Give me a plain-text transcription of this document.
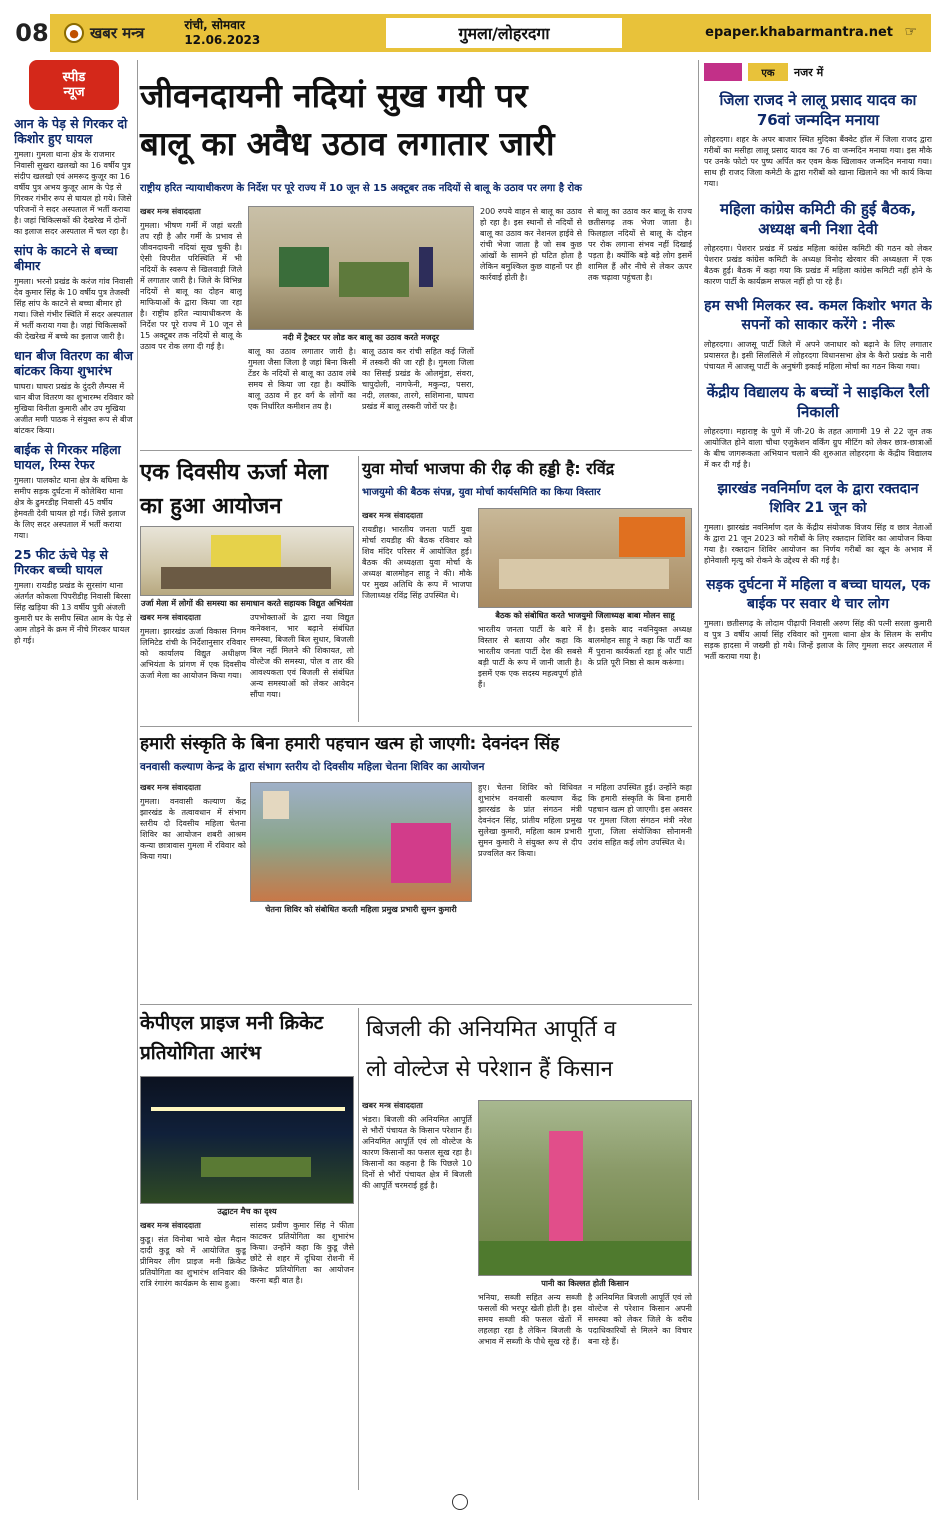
08	● खबर मन्त्र	रांची, सोमवार
12.06.2023	गुमला/लोहरदगा	epaper.khabarmantra.net ☞
स्पीड
न्यूज
आन के पेड़ से गिरकर दो किशोर हुए घायल
गुमला। गुमला थाना क्षेत्र के राजमार निवासी सुखरा खलखो का 16 वर्षीय पुत्र संदीप खलखो एवं अमरूद कुजूर का 16 वर्षीय पुत्र अभय कुजूर आम के पेड़ से गिरकर गंभीर रूप से घायल हो गये। जिसे परिजनों ने सदर अस्पताल में भर्ती कराया है। जहां चिकित्सकों की देखरेख में दोनों का इलाज सदर अस्पताल में चल रहा है।
सांप के काटने से बच्चा बीमार
गुमला। भरनो प्रखंड के करंज गांव निवासी देव कुमार सिंह के 10 वर्षीय पुत्र तेजस्वी सिंह सांप के काटने से बच्चा बीमार हो गया। जिसे गंभीर स्थिति में सदर अस्पताल में भर्ती कराया गया है। जहां चिकित्सकों की देखरेख में बच्चे का इलाज जारी है।
धान बीज वितरण का बीज बांटकर किया शुभारंभ
घाघरा। घाघरा प्रखंड के दुंदरी लैम्पस में धान बीज वितरण का शुभारम्भ रविवार को मुखिया विनीता कुमारी और उप मुखिया अजीत मणी पाठक ने संयुक्त रूप से बीज बांटकर किया।
बाईक से गिरकर महिला घायल, रिम्स रेफर
गुमला। पालकोट थाना क्षेत्र के बघिमा के समीप सड़क दुर्घटना में कोलेबिरा थाना क्षेत्र के ढुमरडीह निवासी 45 वर्षीय हेमवती देवी घायल हो गई। जिसे इलाज के लिए सदर अस्पताल में भर्ती कराया गया।
25 फीट ऊंचे पेड़ से गिरकर बच्ची घायल
गुमला। रायडीह प्रखंड के सुरसांग थाना अंतर्गत कोकला पिपरीडीह निवासी बिरसा सिंह खड़िया की 13 वर्षीय पुत्री अंजली कुमारी घर के समीप स्थित आम के पेड़ से आम तोड़ने के क्रम में नीचे गिरकर घायल हो गई।
जीवनदायनी नदियां सुख गयी पर
बालू का अवैध उठाव लगातार जारी
राष्ट्रीय हरित न्यायाधीकरण के निर्देश पर पूरे राज्य में 10 जून से 15 अक्टूबर तक नदियों से बालू के उठाव पर लगा है रोक
खबर मन्त्र संवाददाता
गुमला। भीषण गर्मी में जहां धरती तप रही है और गर्मी के प्रभाव से जीवनदायनी नदियां सूख चुकी है। ऐसी विपरीत परिस्थिति में भी नदियों के स्वरूप से खिलवाड़ी जिले में लगातार जारी है। जिले के विभिन्न नदियों से बालू का दोहन बालू माफियाओं के द्वारा किया जा रहा है। राष्ट्रीय हरित न्यायाधीकरण के निर्देश पर पूरे राज्य में 10 जून से 15 अक्टूबर तक नदियों से बालू के उठाव पर रोक लगा दी गई है।
नदी में ट्रैक्टर पर लोड कर बालू का उठाव करते मजदूर
बालू का उठाव लगातार जारी है। गुमला जैसा जिला है जहां बिना किसी टेंडर के नदियों से बालू का उठाव लंबे समय से किया जा रहा है। क्योंकि बालू उठाव में हर वर्ग के लोगों का एक निर्धारित कमीशन तय है।
बालू उठाव कर रांची सहित कई जिलों में तस्करी की जा रही है। गुमला जिला का सिसई प्रखंड के ओलमुंडा, संवरा, चापुदोली, नागफेनी, मकुन्दा, पसरा, नदी, ललका, तारगे, सशिमाना, घाघरा प्रखंड में बालू तस्करी जोरों पर है।
200 रुपये वाहन से बालू का उठाव हो रहा है। इस स्थानों से नदियों से बालू का उठाव कर नेशनल हाईवे से रांची भेजा जाता है जो सब कुछ आंखों के सामने हो घटित होता है लेकिन बमुश्किल कुछ वाहनों पर ही कार्रवाई होती है।
से बालू का उठाव कर बालू के राज्य छतीसगढ़ तक भेजा जाता है। फिलहाल नदियों से बालू के दोहन पर रोक लगाना संभव नहीं दिखाई पड़ता है। क्योंकि बड़े बड़े लोग इसमें शामिल हैं और नीचे से लेकर ऊपर तक चढ़ावा पहुंचता है।
एक दिवसीय ऊर्जा मेला का हुआ आयोजन
उर्जा मेला में लोगों की समस्या का समाधान करते सहायक विद्युत अभियंता
खबर मन्त्र संवाददाता
गुमला। झारखंड ऊर्जा विकास निगम लिमिटेड रांची के निर्देशानुसार रविवार को कार्यालय विद्युत अधीक्षण अभियंता के प्रांगण में एक दिवसीय ऊर्जा मेला का आयोजन किया गया।
उपभोक्ताओं के द्वारा नया विद्युत कनेक्शन, भार बढ़ाने संबंधित समस्या, बिजली बिल सुधार, बिजली बिल नहीं मिलने की शिकायत, लो वोल्टेज की समस्या, पोल व तार की आवश्यकता एवं बिजली से संबंधित अन्य समस्याओं को लेकर आवेदन सौंपा गया।
युवा मोर्चा भाजपा की रीढ़ की हड्डी है: रविंद्र
भाजयुमो की बैठक संपन्न, युवा मोर्चा कार्यसमिति का किया विस्तार
बैठक को संबोधित करते भाजयुमो जिलाध्यक्ष बाबा मोलन साहू
खबर मन्त्र संवाददाता
रायडीह। भारतीय जनता पार्टी युवा मोर्चा रायडीह की बैठक रविवार को शिव मंदिर परिसर में आयोजित हुई। बैठक की अध्यक्षता युवा मोर्चा के अध्यक्ष बालमोहन साहू ने की। मौके पर मुख्य अतिथि के रूप में भाजपा जिलाध्यक्ष रविंद्र सिंह उपस्थित थे।
भारतीय जनता पार्टी के बारे में विस्तार से बताया और कहा कि भारतीय जनता पार्टी देश की सबसे बड़ी पार्टी के रूप में जानी जाती है। इसमें एक एक सदस्य महत्वपूर्ण होते हैं।
है। इसके बाद नवनियुक्त अध्यक्ष बालमोहन साहू ने कहा कि पार्टी का मैं पुराना कार्यकर्ता रहा हूं और पार्टी के प्रति पूरी निष्ठा से काम करूंगा।
हमारी संस्कृति के बिना हमारी पहचान खत्म हो जाएगी: देवनंदन सिंह
वनवासी कल्याण केन्द्र के द्वारा संभाग स्तरीय दो दिवसीय महिला चेतना शिविर का आयोजन
खबर मन्त्र संवाददाता
गुमला। वनवासी कल्याण केंद्र झारखंड के तत्वावधान में संभाग स्तरीय दो दिवसीय महिला चेतना शिविर का आयोजन शबरी आश्रम कन्या छात्रावास गुमला में रविवार को किया गया।
चेतना शिविर को संबोधित करती महिला प्रमुख प्रभारी सुमन कुमारी
हुए। चेतना शिविर को विधिवत शुभारंभ वनवासी कल्याण केंद्र झारखंड के प्रांत संगठन मंत्री देवनंदन सिंह, प्रांतीय महिला प्रमुख सुलेखा कुमारी, महिला काम प्रभारी सुमन कुमारी ने संयुक्त रूप से दीप प्रज्वलित कर किया।
न महिला उपस्थित हुई। उन्होंने कहा कि हमारी संस्कृति के बिना हमारी पहचान खत्म हो जाएगी। इस अवसर पर गुमला जिला संगठन मंत्री नरेश गुप्ता, जिला संयोजिका सोनामनी उरांव सहित कई लोग उपस्थित थे।
केपीएल प्राइज मनी क्रिकेट प्रतियोगिता आरंभ
उद्घाटन मैच का दृश्य
खबर मन्त्र संवाददाता
कुडू। संत विनोबा भावे खेल मैदान दादी कुडू को में आयोजित कुडू प्रीमियर लीग प्राइज मनी क्रिकेट प्रतियोगिता का शुभारंभ शनिवार की रात्रि रंगारंग कार्यक्रम के साथ हुआ।
सांसद प्रवीण कुमार सिंह ने फीता काटकर प्रतियोगिता का शुभारंभ किया। उन्होंने कहा कि कुडू जैसे छोटे से शहर में दूधिया रोशनी में क्रिकेट प्रतियोगिता का आयोजन करना बड़ी बात है।
बिजली की अनियमित आपूर्ति व
लो वोल्टेज से परेशान हैं किसान
खबर मन्त्र संवाददाता
भंडरा। बिजली की अनियमित आपूर्ति से भौरों पंचायत के किसान परेशान हैं। अनियमित आपूर्ति एवं लो वोल्टेज के कारण किसानों का फसल सूख रहा है। किसानों का कहना है कि पिछले 10 दिनों से भौरों पंचायत क्षेत्र में बिजली की आपूर्ति चरमराई हुई है।
पानी का किल्लत होती किसान
भनिया, सब्जी सहित अन्य सब्जी फसलों की भरपूर खेती होती है। इस समय सब्जी की फसल खेतों में लहलहा रहा है लेकिन बिजली के अभाव में सब्जी के पौधे सूख रहे हैं।
है अनियमित बिजली आपूर्ति एवं लो वोल्टेज से परेशान किसान अपनी समस्या को लेकर जिले के वरीय पदाधिकारियों से मिलने का विचार बना रहे हैं।
एक	नजर में
जिला राजद ने लालू प्रसाद यादव का 76वां जन्मदिन मनाया
लोहरदगा। शहर के अपर बाजार स्थित मुदिका बैंक्वेट हॉल में जिला राजद द्वारा गरीबों का मसीहा लालू प्रसाद यादव का 76 वा जन्मदिन मनाया गया। इस मौके पर उनके फोटो पर पुष्प अर्पित कर एवम केक खिलाकर जन्मदिन मनाया गया। साथ ही राजद जिला कमेटी के द्वारा गरीबों को खाना खिलाने का भी कार्य किया गया।
महिला कांग्रेस कमिटी की हुई बैठक, अध्यक्ष बनी निशा देवी
लोहरदगा। पेशरार प्रखंड में प्रखंड महिला कांग्रेस कमिटी की गठन को लेकर पेशरार प्रखंड कांग्रेस कमिटी के अध्यक्ष विनोद खेरवार की अध्यक्षता में एक बैठक हुई। बैठक में कहा गया कि प्रखंड में महिला कांग्रेस कमिटी नहीं होने के कारण पार्टी के कार्यक्रम सफल नहीं हो पा रहे हैं।
हम सभी मिलकर स्व. कमल किशोर भगत के सपनों को साकार करेंगे : नीरू
लोहरदगा। आजसू पार्टी जिले में अपने जनाधार को बढ़ाने के लिए लगातार प्रयासरत है। इसी सिलसिले में लोहरदगा विधानसभा क्षेत्र के कैरो प्रखंड के नारी पंचायत में आजसू पार्टी के अनुषंगी इकाई महिला मोर्चा का गठन किया गया।
केंद्रीय विद्यालय के बच्चों ने साइकिल रैली निकाली
लोहरदगा। महाराष्ट्र के पुणे में जी-20 के तहत आगामी 19 से 22 जून तक आयोजित होने वाला चौथा एजुकेशन वर्किंग ग्रुप मीटिंग को लेकर छात्र-छात्राओं के बीच जागरूकता अभियान चलाने की शुरुआत लोहरदगा के केंद्रीय विद्यालय में कर दी गई है।
झारखंड नवनिर्माण दल के द्वारा रक्तदान शिविर 21 जून को
गुमला। झारखंड नवनिर्माण दल के केंद्रीय संयोजक विजय सिंह व छात्र नेताओं के द्वारा 21 जून 2023 को गरीबों के लिए रक्तदान शिविर का आयोजन किया गया है। रक्तदान शिविर आयोजन का निर्णय गरीबों का खून के अभाव में होनेवाली मृत्यु को रोकने के उद्देश्य से की गई है।
सड़क दुर्घटना में महिला व बच्चा घायल, एक बाईक पर सवार थे चार लोग
गुमला। छतीसगढ़ के लोदाम पीढ़ापी निवासी अरुण सिंह की पत्नी सरला कुमारी व पुत्र 3 वर्षीय आर्या सिंह रविवार को गुमला थाना क्षेत्र के सिलम के समीप सड़क हादसा में जख्मी हो गये। जिन्हें इलाज के लिए गुमला सदर अस्पताल में भर्ती कराया गया है।
